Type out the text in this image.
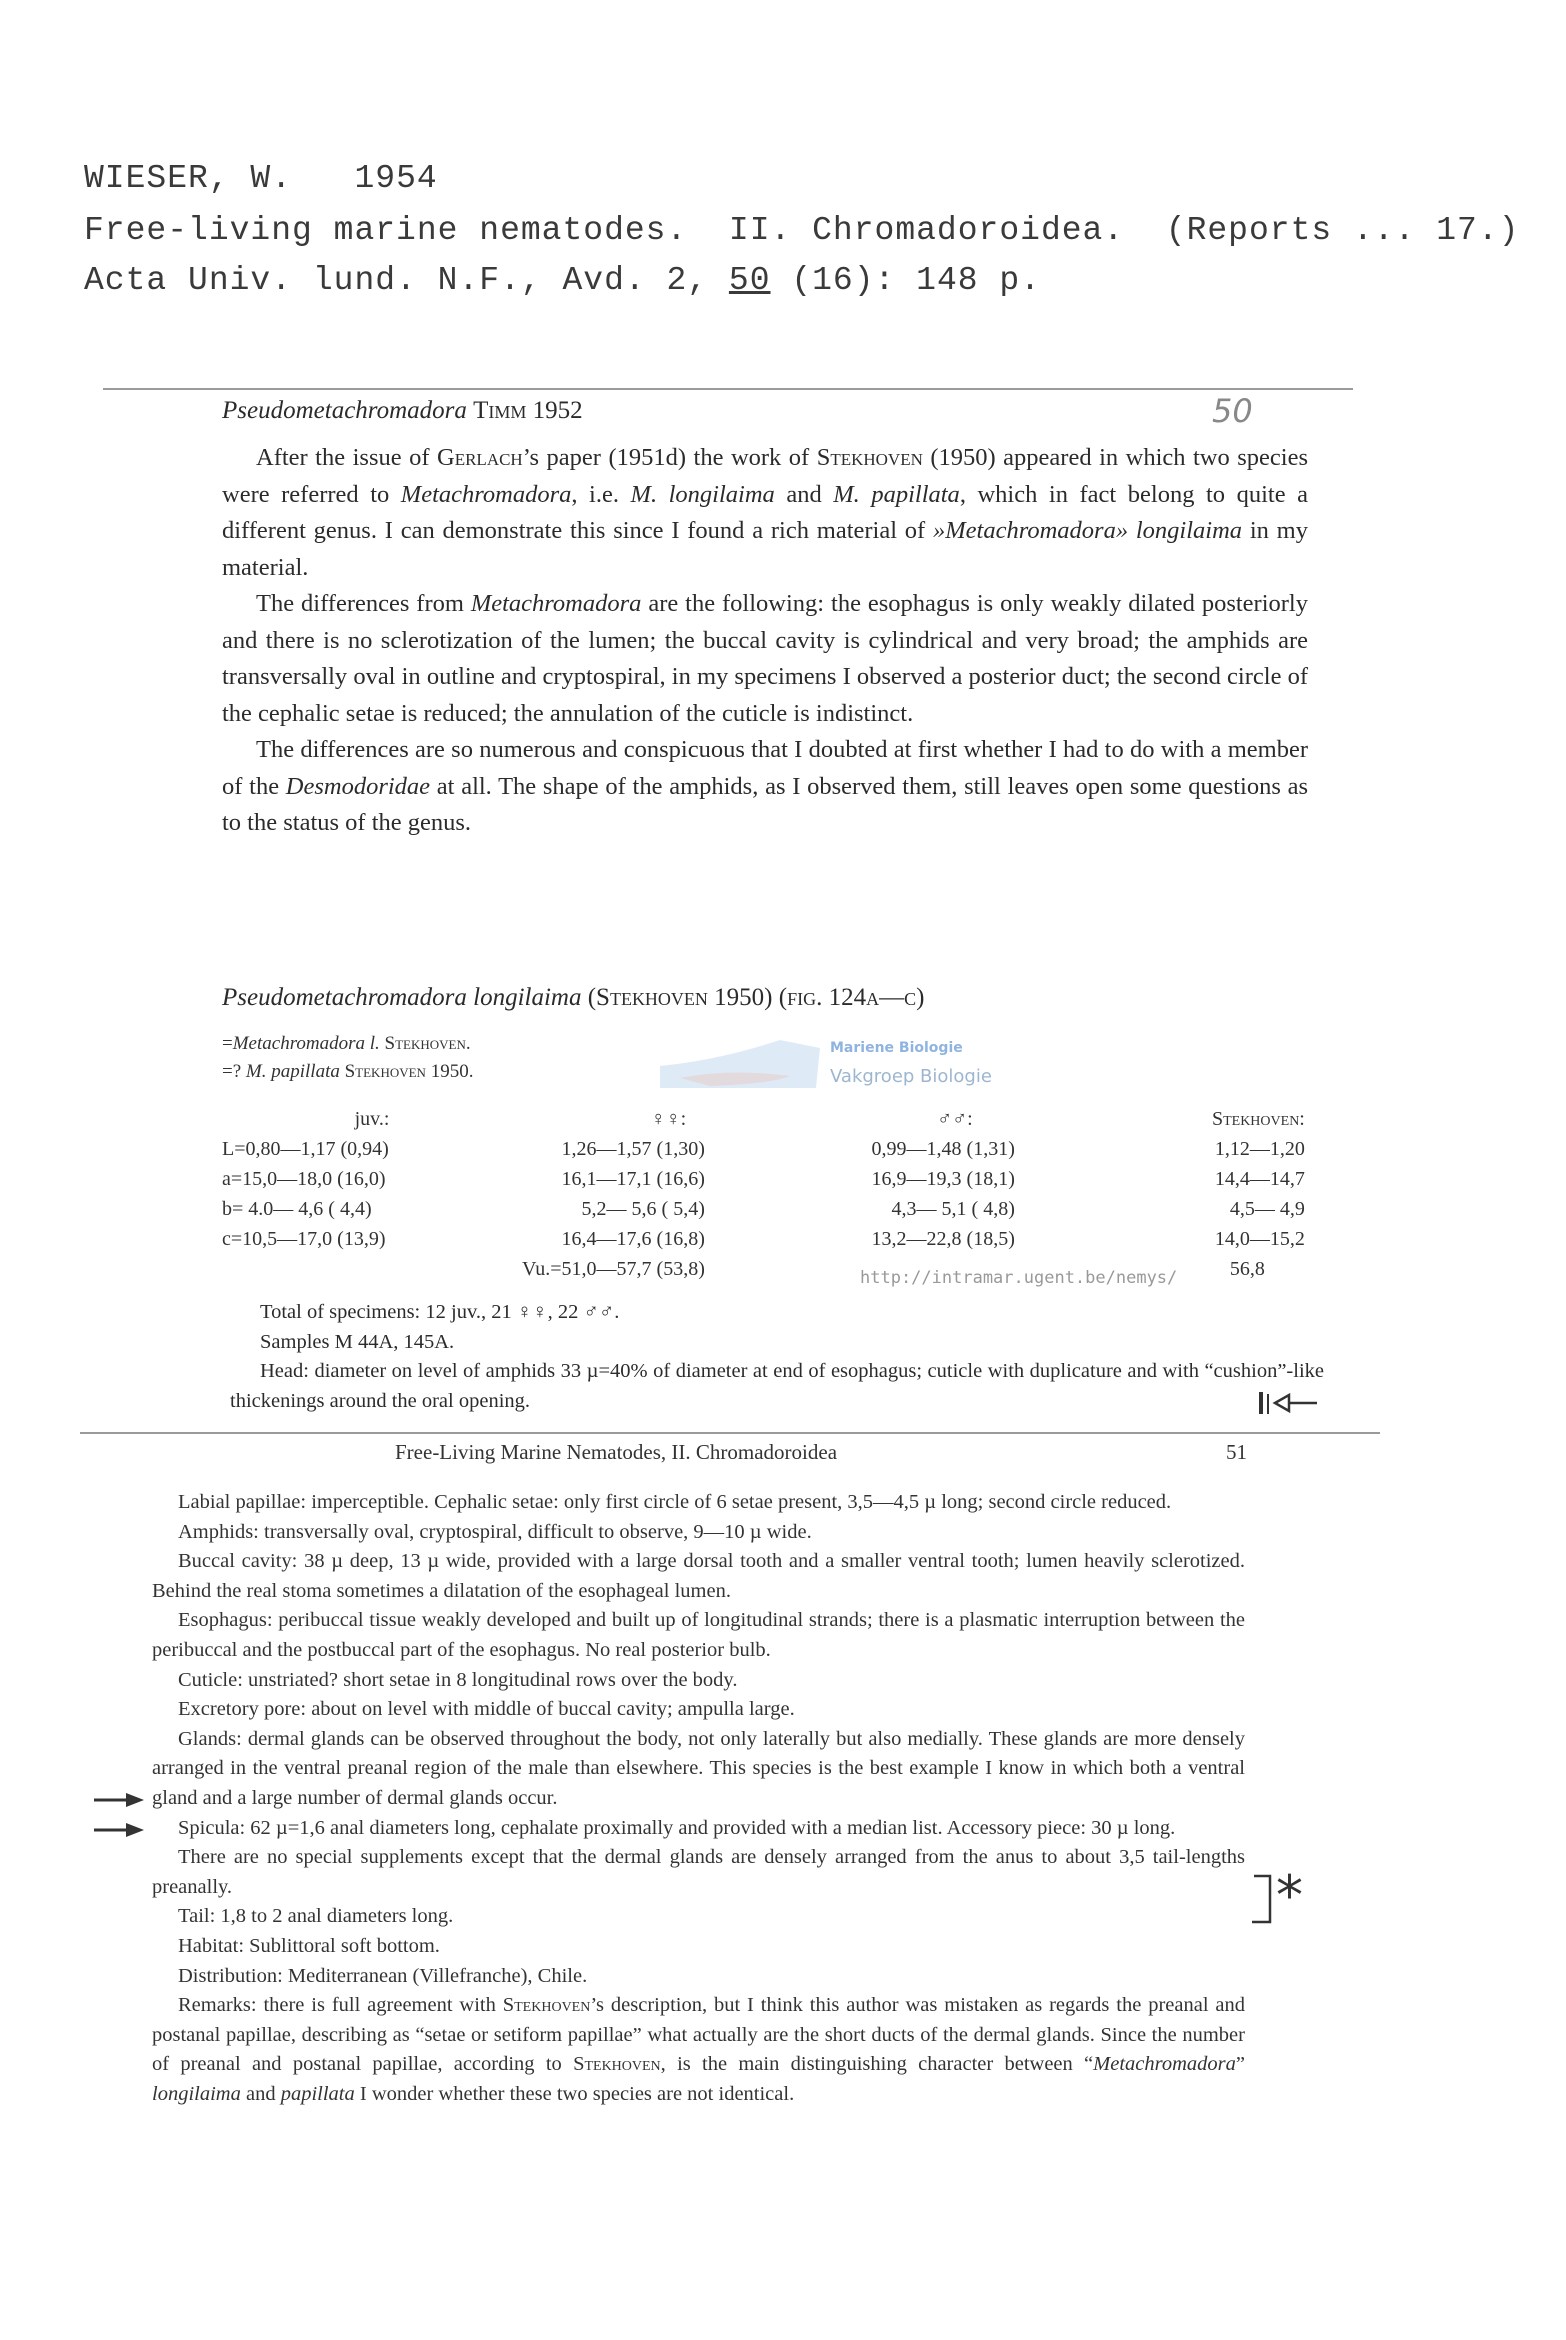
WIESER, W. 1954
Free-living marine nematodes.  II. Chromadoroidea.  (Reports ... 17.)
Acta Univ. lund. N.F., Avd. 2, 50 (16): 148 p.
Pseudometachromadora Timm 1952	50

After the issue of Gerlach’s paper (1951d) the work of Stekhoven (1950) appeared in which two species were referred to Metachromadora, i.e. M. longilaima and M. papillata, which in fact belong to quite a different genus. I can demonstrate this since I found a rich material of »Metachromadora» longilaima in my material.

The differences from Metachromadora are the following: the esophagus is only weakly dilated posteriorly and there is no sclerotization of the lumen; the buccal cavity is cylindrical and very broad; the amphids are transversally oval in outline and cryptospiral, in my specimens I observed a posterior duct; the second circle of the cephalic setae is reduced; the annulation of the cuticle is indistinct.

The differences are so numerous and conspicuous that I doubted at first whether I had to do with a member of the Desmodoridae at all. The shape of the amphids, as I observed them, still leaves open some questions as to the status of the genus.

Pseudometachromadora longilaima (Stekhoven 1950) (fig. 124a—c)
=Metachromadora l. Stekhoven.
=? M. papillata Stekhoven 1950.
Mariene Biologie
Vakgroep Biologie
juv.:	♀♀:	♂♂:	Stekhoven:
L=0,80—1,17 (0,94)	1,26—1,57 (1,30)	0,99—1,48 (1,31)	1,12—1,20
a=15,0—18,0 (16,0)	16,1—17,1 (16,6)	16,9—19,3 (18,1)	14,4—14,7
b= 4.0— 4,6 ( 4,4)	5,2— 5,6 ( 5,4)	4,3— 5,1 ( 4,8)	4,5— 4,9
c=10,5—17,0 (13,9)	16,4—17,6 (16,8)	13,2—22,8 (18,5)	14,0—15,2
	Vu.=51,0—57,7 (53,8)		56,8
http://intramar.ugent.be/nemys/

Total of specimens: 12 juv., 21 ♀♀, 22 ♂♂.

Samples M 44A, 145A.

Head: diameter on level of amphids 33 µ=40% of diameter at end of esophagus; cuticle with duplicature and with “cushion”-like thickenings around the oral opening.

Free-Living Marine Nematodes, II. Chromadoroidea	51

Labial papillae: imperceptible. Cephalic setae: only first circle of 6 setae present, 3,5—4,5 µ long; second circle reduced.

Amphids: transversally oval, cryptospiral, difficult to observe, 9—10 µ wide.

Buccal cavity: 38 µ deep, 13 µ wide, provided with a large dorsal tooth and a smaller ventral tooth; lumen heavily sclerotized. Behind the real stoma sometimes a dilatation of the esophageal lumen.

Esophagus: peribuccal tissue weakly developed and built up of longitudinal strands; there is a plasmatic interruption between the peribuccal and the postbuccal part of the esophagus. No real posterior bulb.

Cuticle: unstriated? short setae in 8 longitudinal rows over the body.

Excretory pore: about on level with middle of buccal cavity; ampulla large.

Glands: dermal glands can be observed throughout the body, not only laterally but also medially. These glands are more densely arranged in the ventral preanal region of the male than elsewhere. This species is the best example I know in which both a ventral gland and a large number of dermal glands occur.

Spicula: 62 µ=1,6 anal diameters long, cephalate proximally and provided with a median list. Accessory piece: 30 µ long.

There are no special supplements except that the dermal glands are densely arranged from the anus to about 3,5 tail-lengths preanally.

Tail: 1,8 to 2 anal diameters long.

Habitat: Sublittoral soft bottom.

Distribution: Mediterranean (Villefranche), Chile.

Remarks: there is full agreement with Stekhoven’s description, but I think this author was mistaken as regards the preanal and postanal papillae, describing as “setae or setiform papillae” what actually are the short ducts of the dermal glands. Since the number of preanal and postanal papillae, according to Stekhoven, is the main distinguishing character between “Metachromadora” longilaima and papillata I wonder whether these two species are not identical.

*
